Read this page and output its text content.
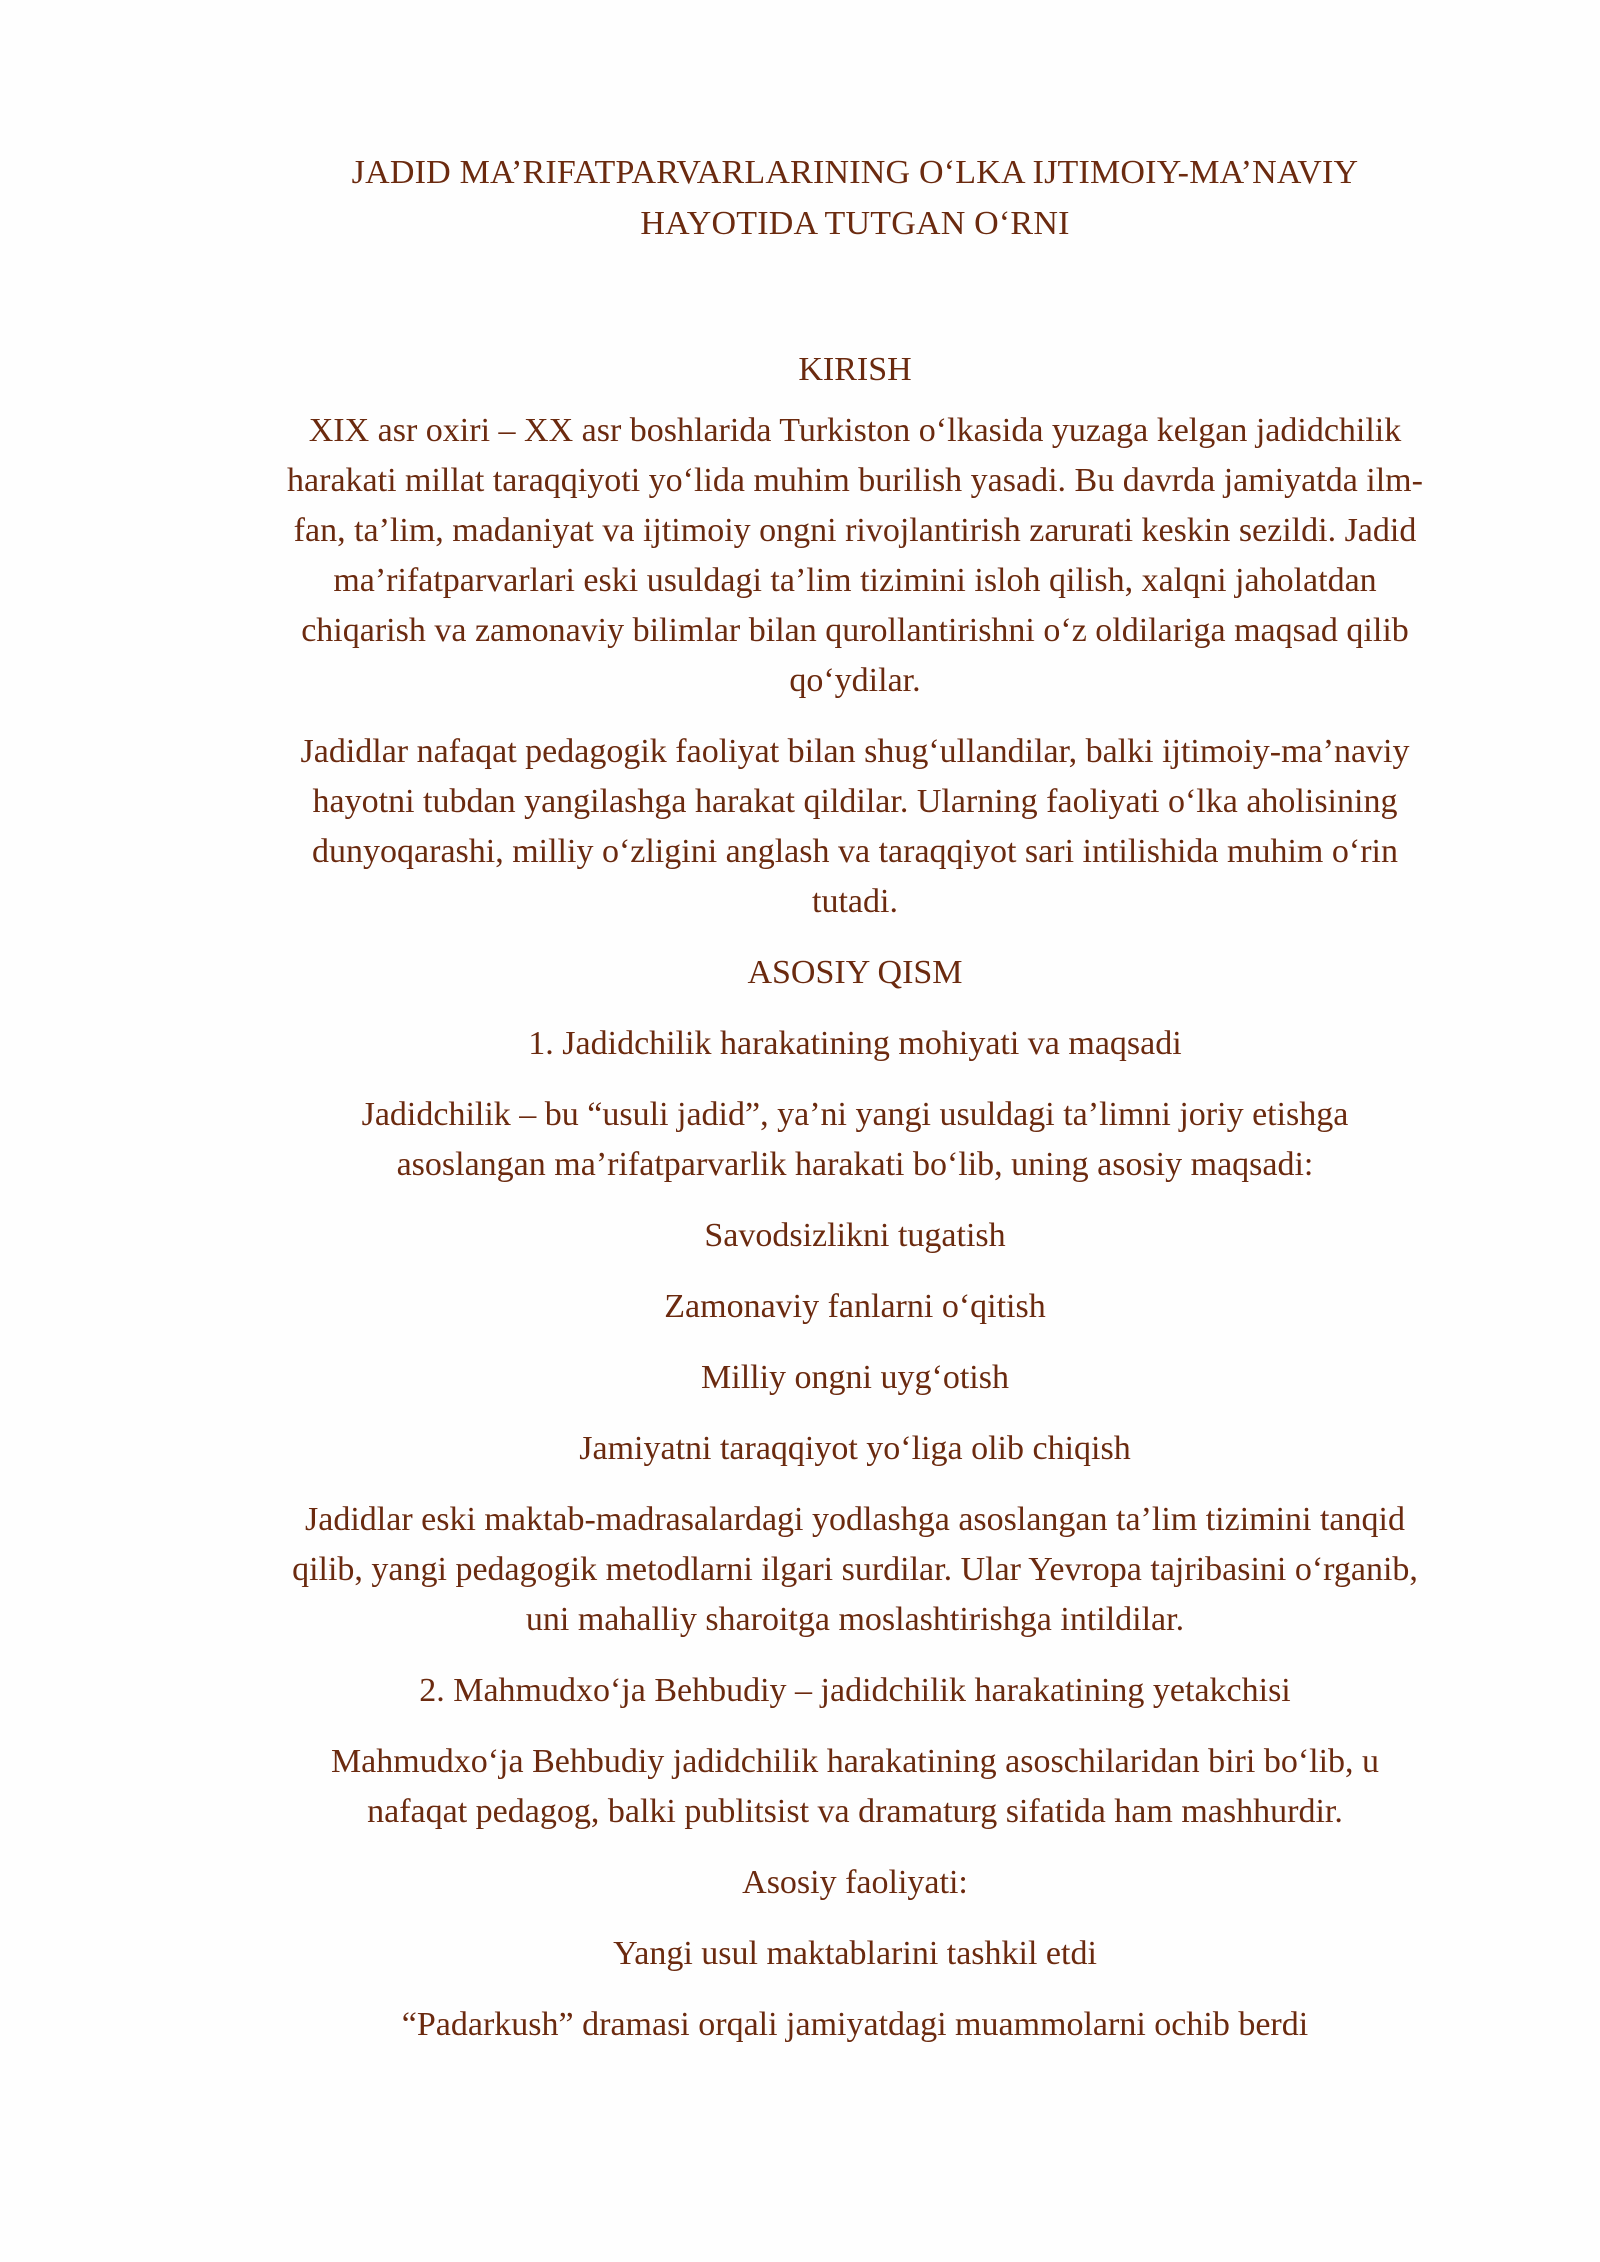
JADID MA’RIFATPARVARLARINING O‘LKA IJTIMOIY-MA’NAVIY
HAYOTIDA TUTGAN O‘RNI
KIRISH

XIX asr oxiri – XX asr boshlarida Turkiston o‘lkasida yuzaga kelgan jadidchilik
harakati millat taraqqiyoti yo‘lida muhim burilish yasadi. Bu davrda jamiyatda ilm-
fan, ta’lim, madaniyat va ijtimoiy ongni rivojlantirish zarurati keskin sezildi. Jadid
ma’rifatparvarlari eski usuldagi ta’lim tizimini isloh qilish, xalqni jaholatdan
chiqarish va zamonaviy bilimlar bilan qurollantirishni o‘z oldilariga maqsad qilib
qo‘ydilar.

Jadidlar nafaqat pedagogik faoliyat bilan shug‘ullandilar, balki ijtimoiy-ma’naviy
hayotni tubdan yangilashga harakat qildilar. Ularning faoliyati o‘lka aholisining
dunyoqarashi, milliy o‘zligini anglash va taraqqiyot sari intilishida muhim o‘rin
tutadi.

ASOSIY QISM
1. Jadidchilik harakatining mohiyati va maqsadi

Jadidchilik – bu “usuli jadid”, ya’ni yangi usuldagi ta’limni joriy etishga
asoslangan ma’rifatparvarlik harakati bo‘lib, uning asosiy maqsadi:

Savodsizlikni tugatish

Zamonaviy fanlarni o‘qitish

Milliy ongni uyg‘otish

Jamiyatni taraqqiyot yo‘liga olib chiqish

Jadidlar eski maktab-madrasalardagi yodlashga asoslangan ta’lim tizimini tanqid
qilib, yangi pedagogik metodlarni ilgari surdilar. Ular Yevropa tajribasini o‘rganib,
uni mahalliy sharoitga moslashtirishga intildilar.

2. Mahmudxo‘ja Behbudiy – jadidchilik harakatining yetakchisi

Mahmudxo‘ja Behbudiy jadidchilik harakatining asoschilaridan biri bo‘lib, u
nafaqat pedagog, balki publitsist va dramaturg sifatida ham mashhurdir.

Asosiy faoliyati:

Yangi usul maktablarini tashkil etdi

“Padarkush” dramasi orqali jamiyatdagi muammolarni ochib berdi
